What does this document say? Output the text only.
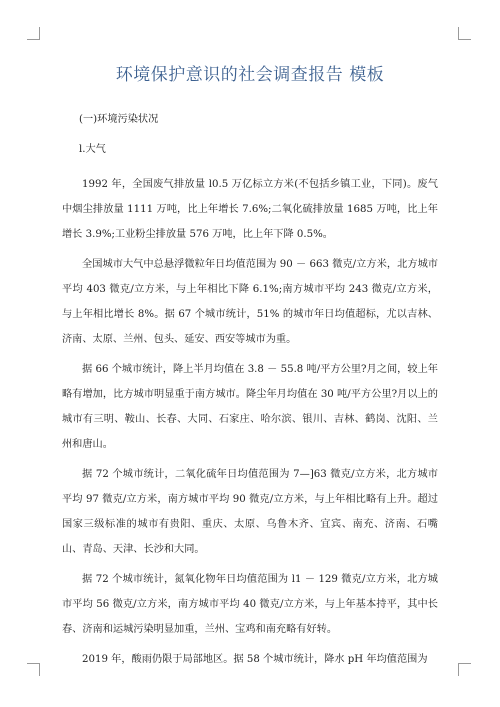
环境保护意识的社会调查报告 模板

(一)环境污染状况

l.大气

1992 年，全国废气排放量 l0.5 万亿标立方米(不包括乡镇工业，下同)。废气中烟尘排放量 1111 万吨，比上年增长 7.6%;二氧化硫排放量 1685 万吨，比上年增长 3.9%;工业粉尘排放量 576 万吨，比上年下降 0.5%。

全国城市大气中总悬浮微粒年日均值范围为 90 － 663 微克/立方米，北方城市平均 403 微克/立方米，与上年相比下降 6.1%;南方城市平均 243 微克/立方米，与上年相比增长 8%。据 67 个城市统计，51% 的城市年日均值超标，尤以吉林、济南、太原、兰州、包头、延安、西安等城市为重。

据 66 个城市统计，降上半月均值在 3.8 － 55.8 吨/平方公里?月之间，较上年略有增加，比方城市明显重于南方城市。降尘年月均值在 30 吨/平方公里?月以上的城市有三明、鞍山、长春、大同、石家庄、哈尔滨、银川、吉林、鹤岗、沈阳、兰州和唐山。

据 72 个城市统计，二氧化硫年日均值范围为 7—]63 微克/立方米，北方城市平均 97 微克/立方米，南方城市平均 90 微克/立方米，与上年相比略有上升。超过国家三级标准的城市有贵阳、重庆、太原、乌鲁木齐、宜宾、南充、济南、石嘴山、青岛、天津、长沙和大同。

据 72 个城市统计，氮氧化物年日均值范围为 l1 － 129 微克/立方米，北方城市平均 56 微克/立方米，南方城市平均 40 微克/立方米，与上年基本持平，其中长春、济南和运城污染明显加重，兰州、宝鸡和南充略有好转。

2019 年，酸雨仍限于局部地区。据 58 个城市统计，降水 pH 年均值范围为
